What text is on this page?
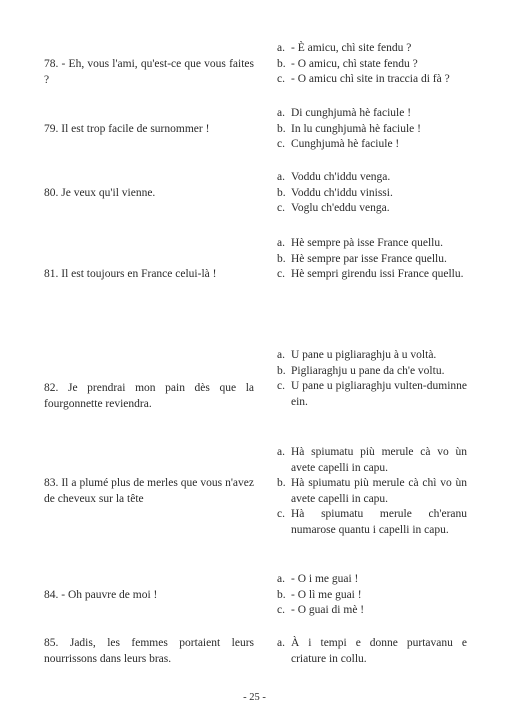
78. - Eh, vous l'ami, qu'est-ce que vous faites ?
a. - È amicu, chì site fendu ?
b. - O amicu, chì state fendu ?
c. - O amicu chì site in traccia di fà ?
79. Il est trop facile de surnommer !
a. Di cunghjumà hè faciule !
b. In lu cunghjumà hè faciule !
c. Cunghjumà hè faciule !
80. Je veux qu'il vienne.
a. Voddu ch'iddu venga.
b. Voddu ch'iddu vinissi.
c. Voglu ch'eddu venga.
81. Il est toujours en France celui-là !
a. Hè sempre pà isse France quellu.
b. Hè sempre par isse France quellu.
c. Hè sempri girendu issi France quellu.
82. Je prendrai mon pain dès que la fourgonnette reviendra.
a. U pane u pigliaraghju à u voltà.
b. Pigliaraghju u pane da ch'e voltu.
c. U pane u pigliaraghju vulten-duminne ein.
83. Il a plumé plus de merles que vous n'avez de cheveux sur la tête
a. Hà spiumatu più merule cà vo ùn avete capelli in capu.
b. Hà spiumatu più merule cà chì vo ùn avete capelli in capu.
c. Hà spiumatu merule ch'eranu numarose quantu i capelli in capu.
84. - Oh pauvre de moi !
a. - O i me guai !
b. - O lì me guai !
c. - O guai di mè !
85. Jadis, les femmes portaient leurs nourrissons dans leurs bras.
a. À i tempi e donne purtavanu e criature in collu.
- 25 -
